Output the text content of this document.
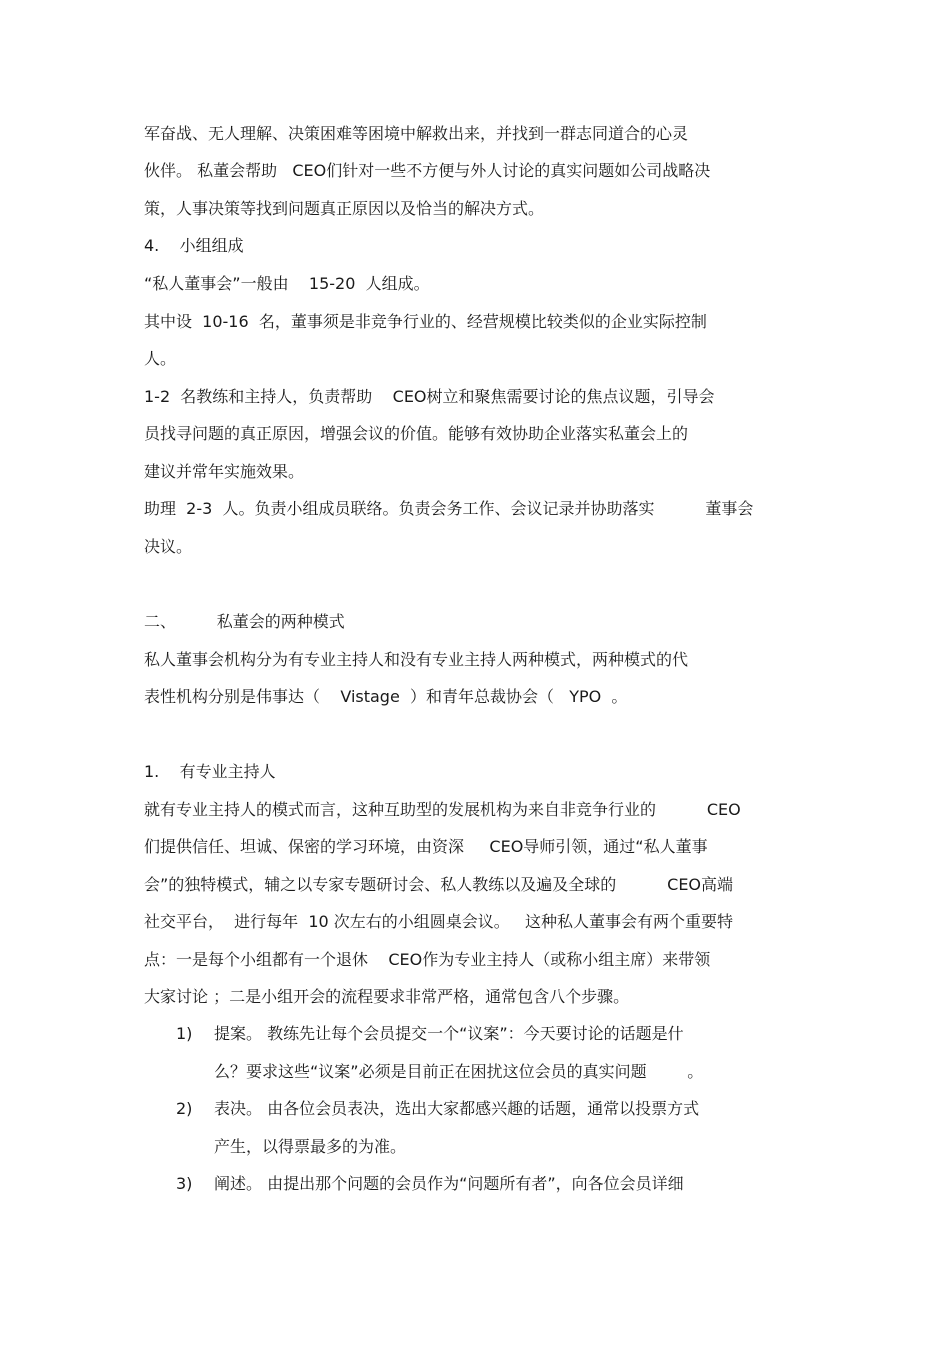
军奋战、无人理解、决策困难等困境中解救出来，并找到一群志同道合的心灵
伙伴。 私董会帮助   CEO们针对一些不方便与外人讨论的真实问题如公司战略决
策，人事决策等找到问题真正原因以及恰当的解决方式。
4.    小组组成
“私人董事会”一般由    15-20  人组成。
其中设  10-16  名，董事须是非竞争行业的、经营规模比较类似的企业实际控制
人。
1-2  名教练和主持人，负责帮助    CEO树立和聚焦需要讨论的焦点议题，引导会
员找寻问题的真正原因，增强会议的价值。能够有效协助企业落实私董会上的
建议并常年实施效果。
助理  2-3  人。负责小组成员联络。负责会务工作、会议记录并协助落实          董事会
决议。
二、        私董会的两种模式
私人董事会机构分为有专业主持人和没有专业主持人两种模式，两种模式的代
表性机构分别是伟事达（    Vistage  ）和青年总裁协会（   YPO  。
1.    有专业主持人
就有专业主持人的模式而言，这种互助型的发展机构为来自非竞争行业的          CEO
们提供信任、坦诚、保密的学习环境，由资深     CEO导师引领，通过“私人董事
会”的独特模式，辅之以专家专题研讨会、私人教练以及遍及全球的          CEO高端
社交平台，  进行每年  10 次左右的小组圆桌会议。   这种私人董事会有两个重要特
点：一是每个小组都有一个退休    CEO作为专业主持人（或称小组主席）来带领
大家讨论 ；二是小组开会的流程要求非常严格，通常包含八个步骤。
1) 提案。 教练先让每个会员提交一个“议案”：今天要讨论的话题是什
么？要求这些“议案”必须是目前正在困扰这位会员的真实问题        。
2) 表决。 由各位会员表决，选出大家都感兴趣的话题，通常以投票方式
产生，以得票最多的为准。
3) 阐述。 由提出那个问题的会员作为“问题所有者”，向各位会员详细
